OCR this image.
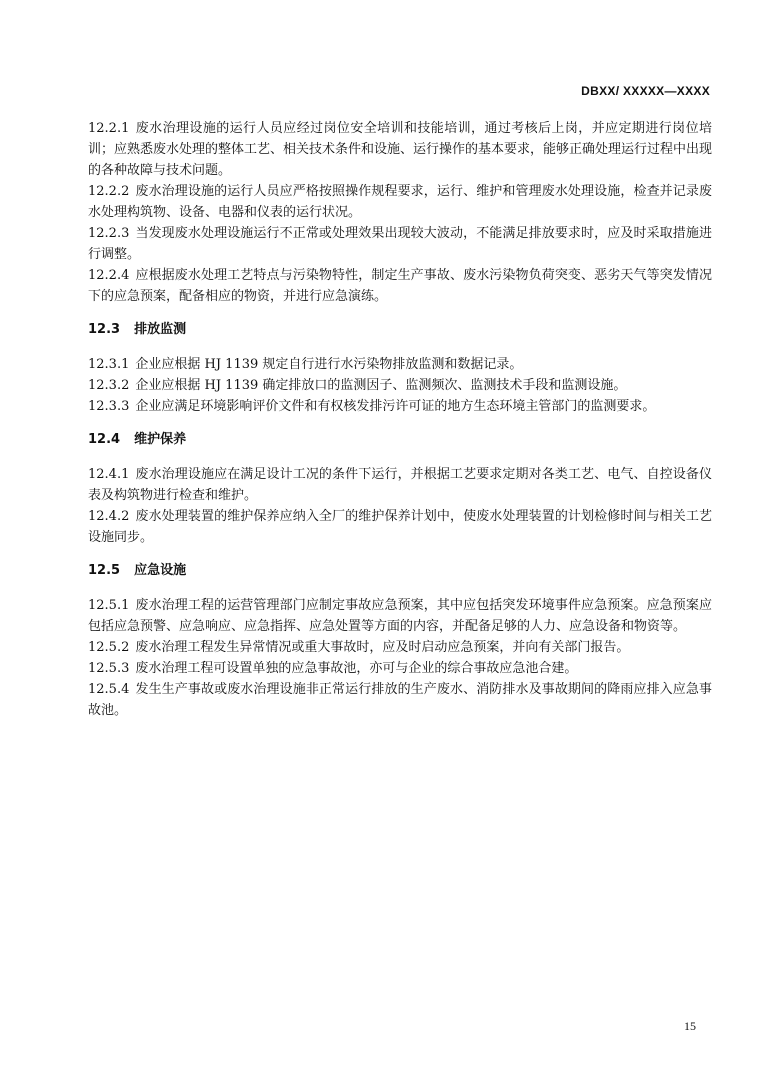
DBXX/ XXXXX—XXXX

12.2.1 废水治理设施的运行人员应经过岗位安全培训和技能培训，通过考核后上岗，并应定期进行岗位培训；应熟悉废水处理的整体工艺、相关技术条件和设施、运行操作的基本要求，能够正确处理运行过程中出现的各种故障与技术问题。

12.2.2 废水治理设施的运行人员应严格按照操作规程要求，运行、维护和管理废水处理设施，检查并记录废水处理构筑物、设备、电器和仪表的运行状况。

12.2.3 当发现废水处理设施运行不正常或处理效果出现较大波动，不能满足排放要求时，应及时采取措施进行调整。

12.2.4 应根据废水处理工艺特点与污染物特性，制定生产事故、废水污染物负荷突变、恶劣天气等突发情况下的应急预案，配备相应的物资，并进行应急演练。

12.3 排放监测

12.3.1 企业应根据 HJ 1139 规定自行进行水污染物排放监测和数据记录。

12.3.2 企业应根据 HJ 1139 确定排放口的监测因子、监测频次、监测技术手段和监测设施。

12.3.3 企业应满足环境影响评价文件和有权核发排污许可证的地方生态环境主管部门的监测要求。

12.4 维护保养

12.4.1 废水治理设施应在满足设计工况的条件下运行，并根据工艺要求定期对各类工艺、电气、自控设备仪表及构筑物进行检查和维护。

12.4.2 废水处理装置的维护保养应纳入全厂的维护保养计划中，使废水处理装置的计划检修时间与相关工艺设施同步。

12.5 应急设施

12.5.1 废水治理工程的运营管理部门应制定事故应急预案，其中应包括突发环境事件应急预案。应急预案应包括应急预警、应急响应、应急指挥、应急处置等方面的内容，并配备足够的人力、应急设备和物资等。

12.5.2 废水治理工程发生异常情况或重大事故时，应及时启动应急预案，并向有关部门报告。

12.5.3 废水治理工程可设置单独的应急事故池，亦可与企业的综合事故应急池合建。

12.5.4 发生生产事故或废水治理设施非正常运行排放的生产废水、消防排水及事故期间的降雨应排入应急事故池。

15
